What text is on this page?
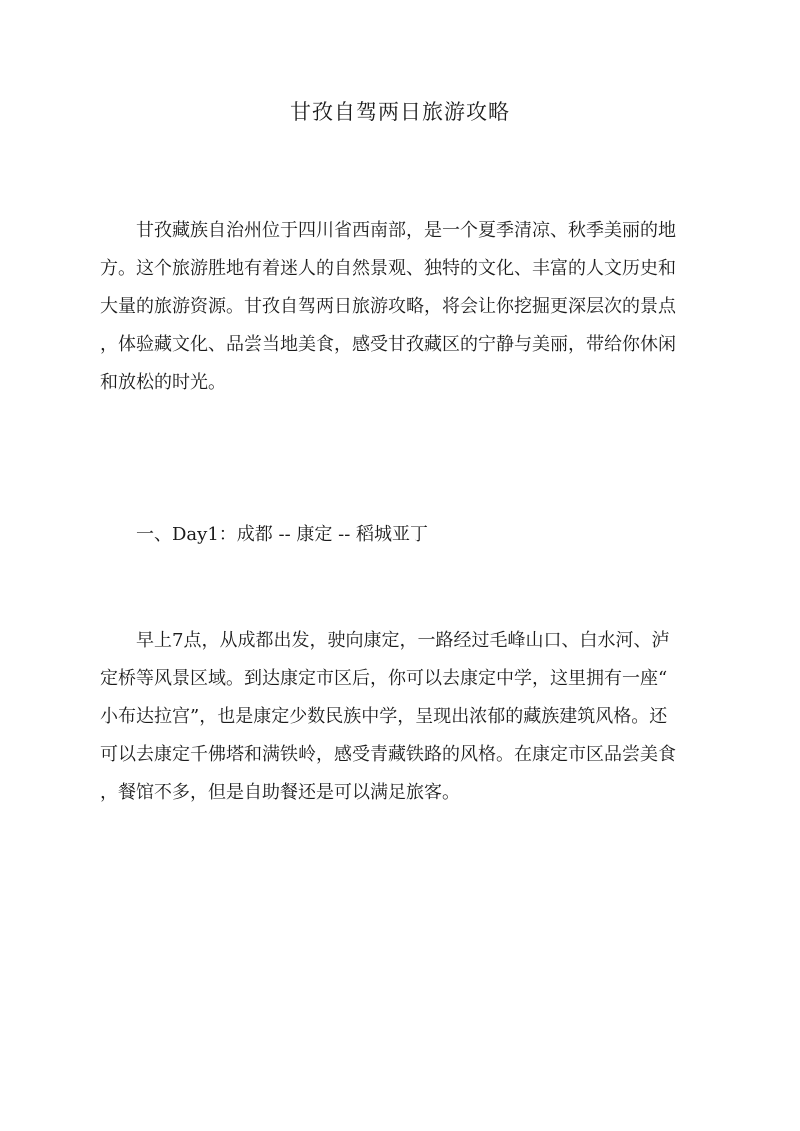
甘孜自驾两日旅游攻略

甘孜藏族自治州位于四川省西南部，是一个夏季清凉、秋季美丽的地
方。这个旅游胜地有着迷人的自然景观、独特的文化、丰富的人文历史和
大量的旅游资源。甘孜自驾两日旅游攻略，将会让你挖掘更深层次的景点
，体验藏文化、品尝当地美食，感受甘孜藏区的宁静与美丽，带给你休闲
和放松的时光。

一、Day1：成都 -- 康定 -- 稻城亚丁

早上7点，从成都出发，驶向康定，一路经过毛峰山口、白水河、泸
定桥等风景区域。到达康定市区后，你可以去康定中学，这里拥有一座“
小布达拉宫”，也是康定少数民族中学，呈现出浓郁的藏族建筑风格。还
可以去康定千佛塔和满铁岭，感受青藏铁路的风格。在康定市区品尝美食
，餐馆不多，但是自助餐还是可以满足旅客。
